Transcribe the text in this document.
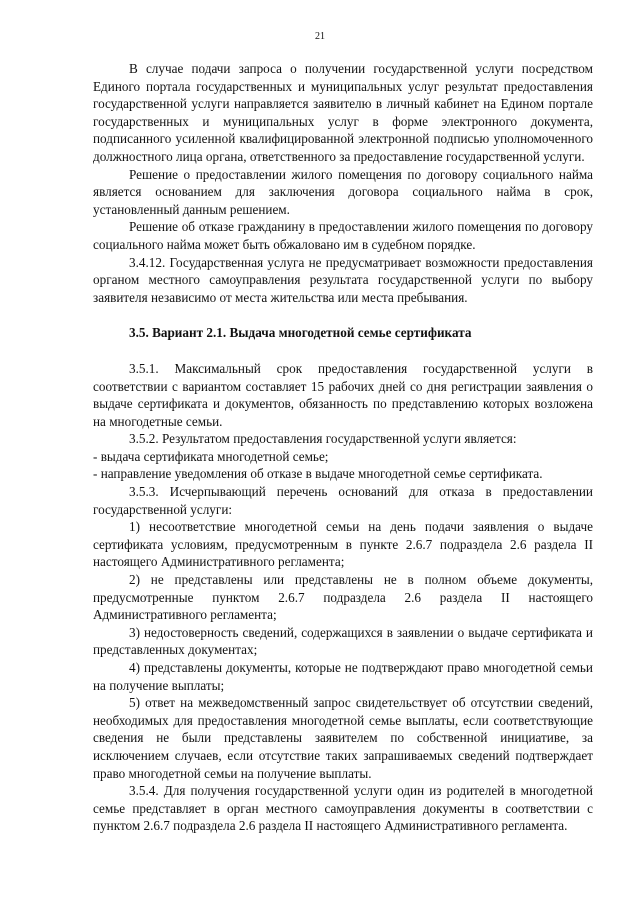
21

В случае подачи запроса о получении государственной услуги посредством Единого портала государственных и муниципальных услуг результат предоставления государственной услуги направляется заявителю в личный кабинет на Едином портале государственных и муниципальных услуг в форме электронного документа, подписанного усиленной квалифицированной электронной подписью уполномоченного должностного лица органа, ответственного за предоставление государственной услуги.

Решение о предоставлении жилого помещения по договору социального найма является основанием для заключения договора социального найма в срок, установленный данным решением.

Решение об отказе гражданину в предоставлении жилого помещения по договору социального найма может быть обжаловано им в судебном порядке.

3.4.12. Государственная услуга не предусматривает возможности предоставления органом местного самоуправления результата государственной услуги по выбору заявителя независимо от места жительства или места пребывания.

3.5. Вариант 2.1. Выдача многодетной семье сертификата

3.5.1. Максимальный срок предоставления государственной услуги в соответствии с вариантом составляет 15 рабочих дней со дня регистрации заявления о выдаче сертификата и документов, обязанность по представлению которых возложена на многодетные семьи.

3.5.2. Результатом предоставления государственной услуги является:

- выдача сертификата многодетной семье;

- направление уведомления об отказе в выдаче многодетной семье сертификата.

3.5.3. Исчерпывающий перечень оснований для отказа в предоставлении государственной услуги:

1) несоответствие многодетной семьи на день подачи заявления о выдаче сертификата условиям, предусмотренным в пункте 2.6.7 подраздела 2.6 раздела II настоящего Административного регламента;

2) не представлены или представлены не в полном объеме документы, предусмотренные пунктом 2.6.7 подраздела 2.6 раздела II настоящего Административного регламента;

3) недостоверность сведений, содержащихся в заявлении о выдаче сертификата и представленных документах;

4) представлены документы, которые не подтверждают право многодетной семьи на получение выплаты;

5) ответ на межведомственный запрос свидетельствует об отсутствии сведений, необходимых для предоставления многодетной семье выплаты, если соответствующие сведения не были представлены заявителем по собственной инициативе, за исключением случаев, если отсутствие таких запрашиваемых сведений подтверждает право многодетной семьи на получение выплаты.

3.5.4. Для получения государственной услуги один из родителей в многодетной семье представляет в орган местного самоуправления документы в соответствии с пунктом 2.6.7 подраздела 2.6 раздела II настоящего Административного регламента.
